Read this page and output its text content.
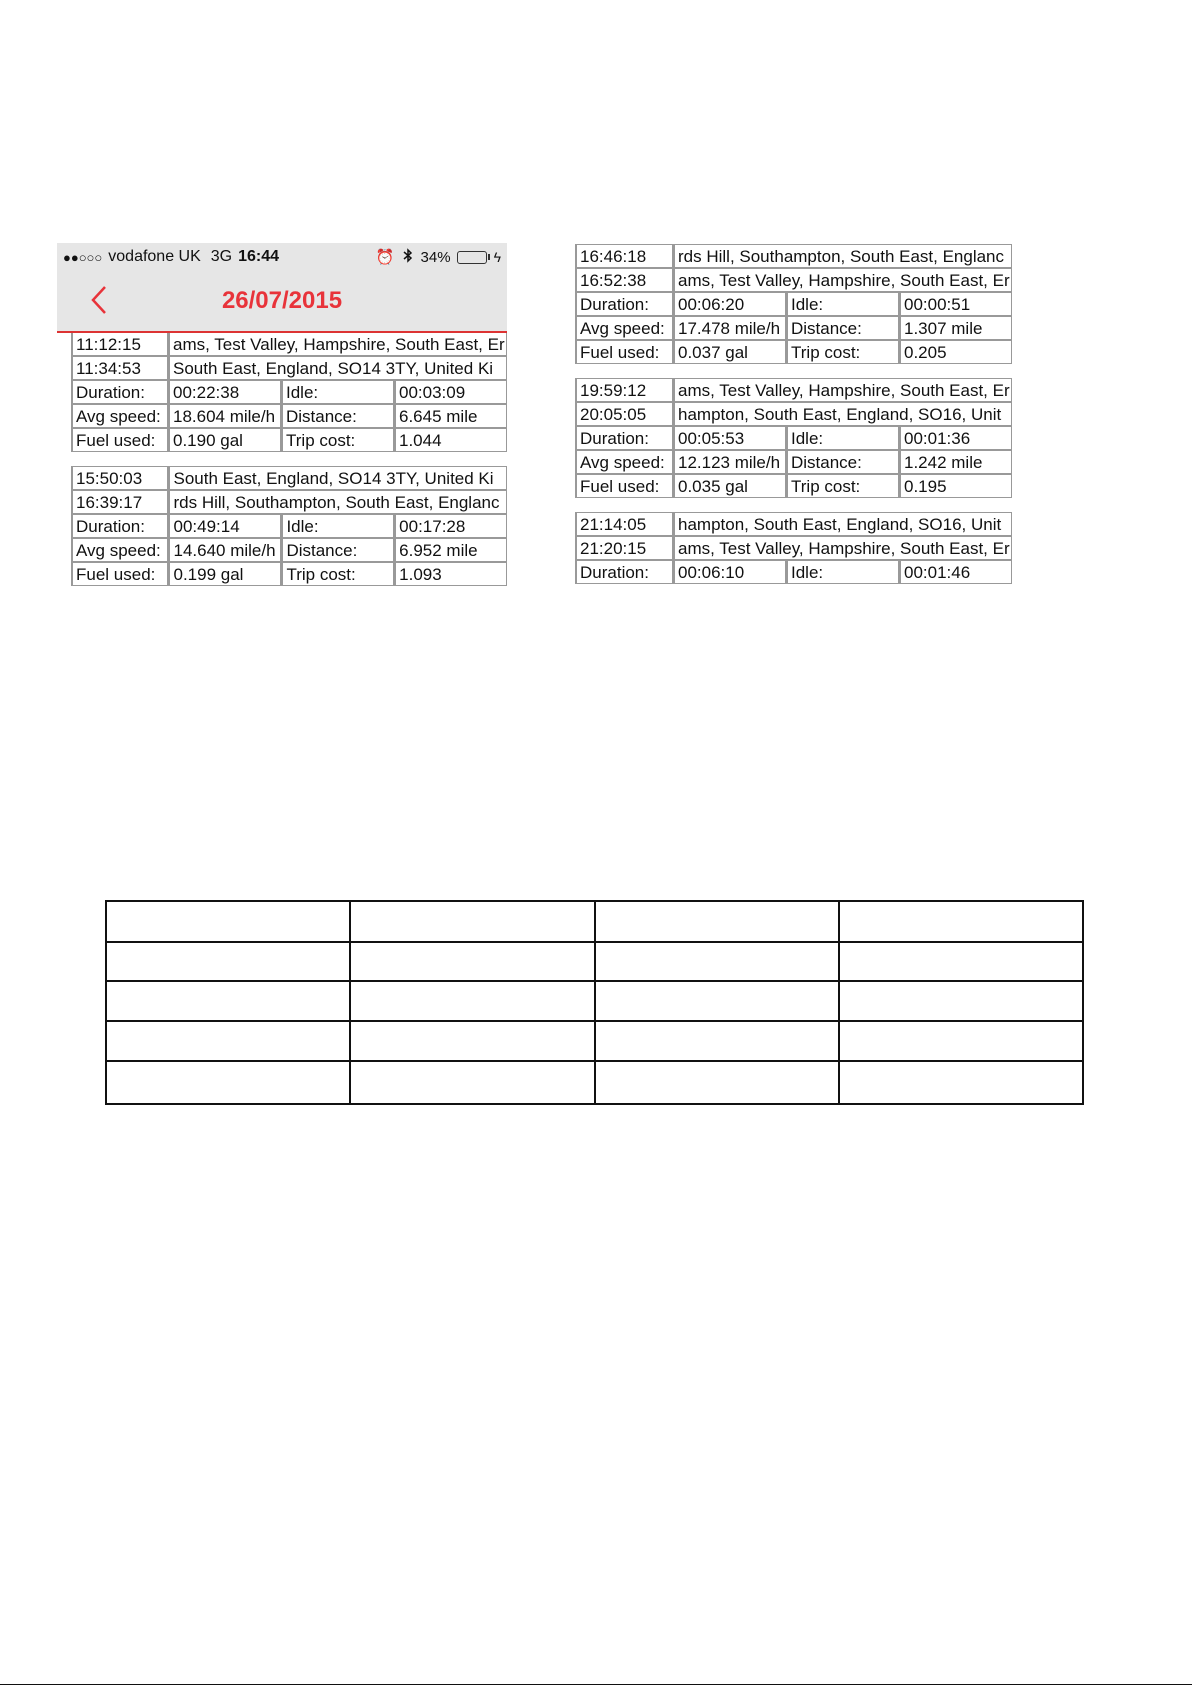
●●○○○ vodafone UK 3G 16:44	⏰ 34%	ϟ
26/07/2015
11:12:15	ams, Test Valley, Hampshire, South East, Er		
11:34:53	South East, England, SO14 3TY, United Ki		
Duration:	00:22:38	Idle:	00:03:09
Avg speed:	18.604 mile/h	Distance:	6.645 mile
Fuel used:	0.190 gal	Trip cost:	1.044
15:50:03	South East, England, SO14 3TY, United Ki		
16:39:17	rds Hill, Southampton, South East, Englanc		
Duration:	00:49:14	Idle:	00:17:28
Avg speed:	14.640 mile/h	Distance:	6.952 mile
Fuel used:	0.199 gal	Trip cost:	1.093
16:46:18	rds Hill, Southampton, South East, Englanc		
16:52:38	ams, Test Valley, Hampshire, South East, Er		
Duration:	00:06:20	Idle:	00:00:51
Avg speed:	17.478 mile/h	Distance:	1.307 mile
Fuel used:	0.037 gal	Trip cost:	0.205
19:59:12	ams, Test Valley, Hampshire, South East, Er		
20:05:05	hampton, South East, England, SO16, Unit		
Duration:	00:05:53	Idle:	00:01:36
Avg speed:	12.123 mile/h	Distance:	1.242 mile
Fuel used:	0.035 gal	Trip cost:	0.195
21:14:05	hampton, South East, England, SO16, Unit		
21:20:15	ams, Test Valley, Hampshire, South East, Er		
Duration:	00:06:10	Idle:	00:01:46
